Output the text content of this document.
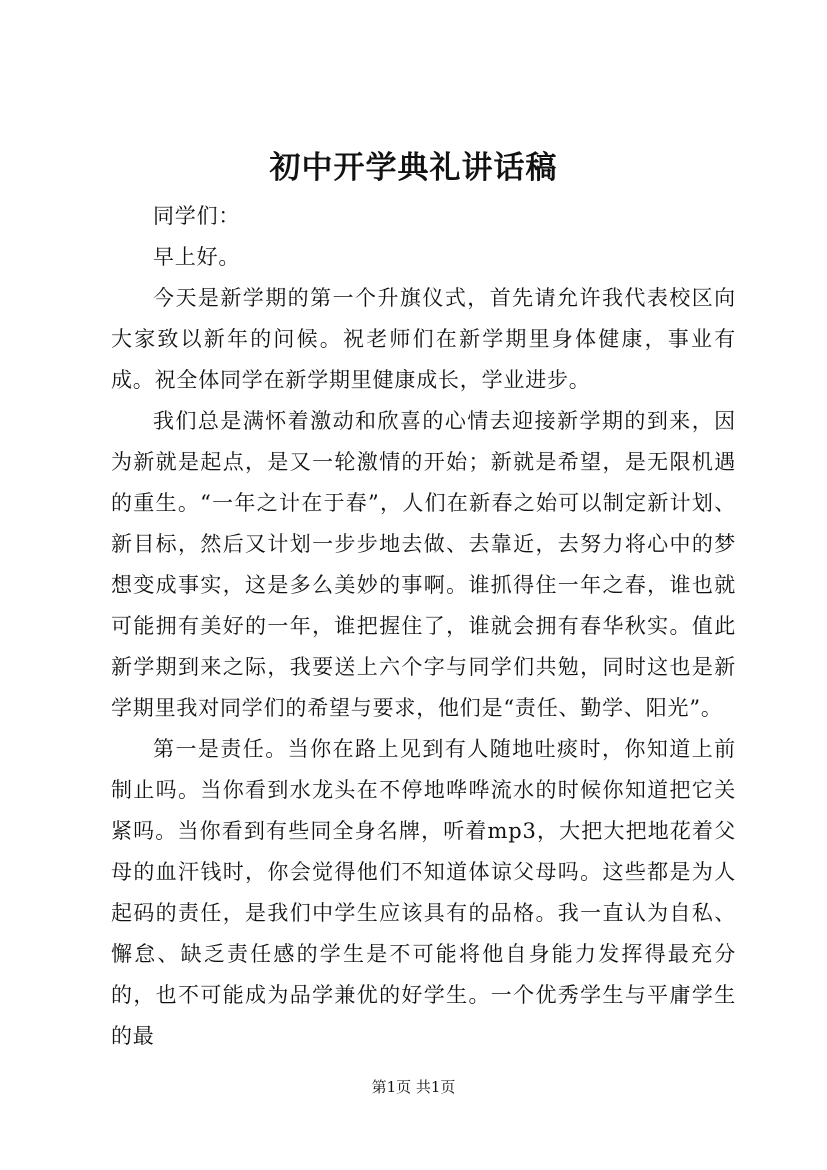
初中开学典礼讲话稿

同学们：

早上好。

今天是新学期的第一个升旗仪式，首先请允许我代表校区向大家致以新年的问候。祝老师们在新学期里身体健康，事业有成。祝全体同学在新学期里健康成长，学业进步。

我们总是满怀着激动和欣喜的心情去迎接新学期的到来，因为新就是起点，是又一轮激情的开始；新就是希望，是无限机遇的重生。“一年之计在于春”，人们在新春之始可以制定新计划、新目标，然后又计划一步步地去做、去靠近，去努力将心中的梦想变成事实，这是多么美妙的事啊。谁抓得住一年之春，谁也就可能拥有美好的一年，谁把握住了，谁就会拥有春华秋实。值此新学期到来之际，我要送上六个字与同学们共勉，同时这也是新学期里我对同学们的希望与要求，他们是“责任、勤学、阳光”。

第一是责任。当你在路上见到有人随地吐痰时，你知道上前制止吗。当你看到水龙头在不停地哗哗流水的时候你知道把它关紧吗。当你看到有些同全身名牌，听着mp3，大把大把地花着父母的血汗钱时，你会觉得他们不知道体谅父母吗。这些都是为人起码的责任，是我们中学生应该具有的品格。我一直认为自私、懈怠、缺乏责任感的学生是不可能将他自身能力发挥得最充分的，也不可能成为品学兼优的好学生。一个优秀学生与平庸学生的最

第1页 共1页
